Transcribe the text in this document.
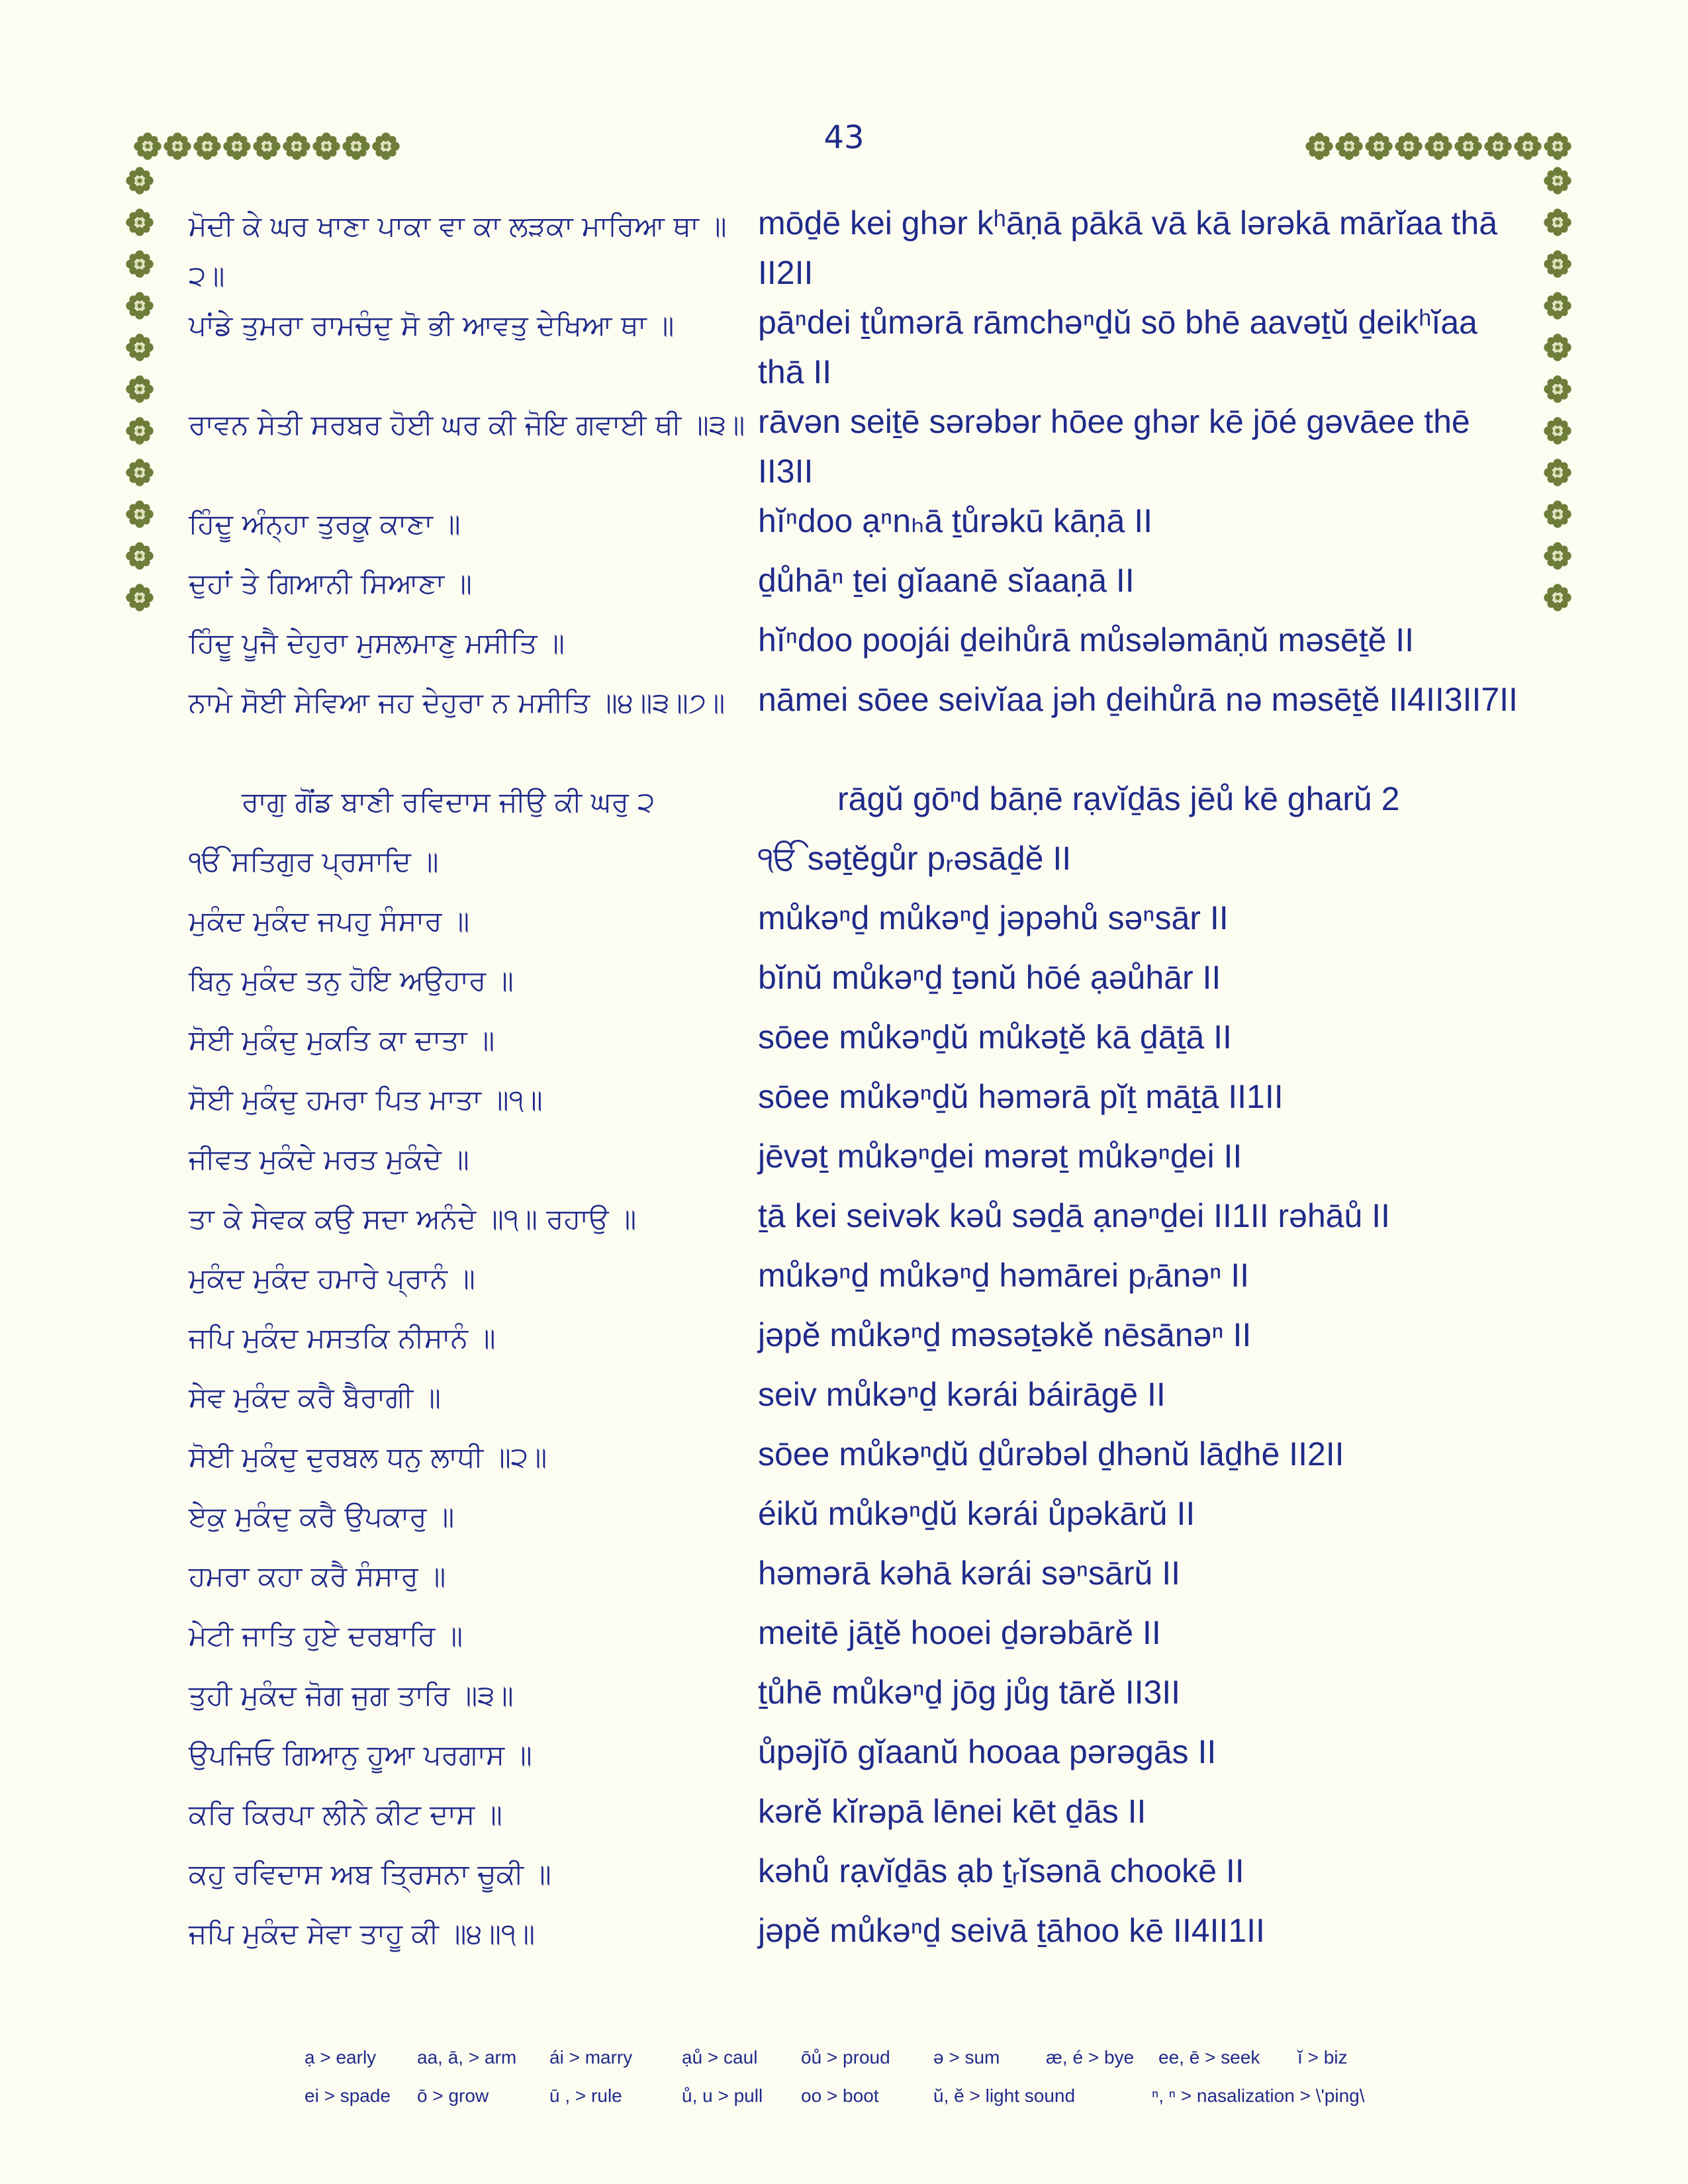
43
ਮੋਦੀ ਕੇ ਘਰ ਖਾਣਾ ਪਾਕਾ ਵਾ ਕਾ ਲੜਕਾ ਮਾਰਿਆ ਥਾ ॥੨॥
mōḏē kei ghər kʰāṇā pākā vā kā lərəkā mārĭaa thā II2II
ਪਾਂਡੇ ਤੁਮਰਾ ਰਾਮਚੰਦੁ ਸੋ ਭੀ ਆਵਤੁ ਦੇਖਿਆ ਥਾ ॥	pāⁿdei ṯůmərā rāmchəⁿḏŭ sō bhē aavəṯŭ ḏeikʰĭaa thā II
ਰਾਵਨ ਸੇਤੀ ਸਰਬਰ ਹੋਈ ਘਰ ਕੀ ਜੋਇ ਗਵਾਈ ਥੀ ॥੩॥ rāvən seiṯē sərəbər hōee ghər kē jōé gəvāee thē II3II
ਹਿੰਦੂ ਅੰਨ੍ਹਾ ਤੁਰਕੂ ਕਾਣਾ ॥	hĭⁿdoo ạⁿnₕā ṯůrəkū kāṇā II
ਦੁਹਾਂ ਤੇ ਗਿਆਨੀ ਸਿਆਣਾ ॥	ḏůhāⁿ ṯei gĭaanē sĭaaṇā II
ਹਿੰਦੂ ਪੂਜੈ ਦੇਹੁਰਾ ਮੁਸਲਮਾਣੁ ਮਸੀਤਿ ॥	hĭⁿdoo poojái ḏeihůrā můsələmāṇŭ məsēṯĕ II
ਨਾਮੇ ਸੋਈ ਸੇਵਿਆ ਜਹ ਦੇਹੁਰਾ ਨ ਮਸੀਤਿ ॥੪॥੩॥੭॥ nāmei sōee seivĭaa jəh ḏeihůrā nə məsēṯĕ II4II3II7II
ਰਾਗੁ ਗੋਂਡ ਬਾਣੀ ਰਵਿਦਾਸ ਜੀਉ ਕੀ ਘਰੁ ੨	rāgŭ gōⁿd bāṇē rạvĭḏās jēů kē gharŭ 2
ੴ ਸਤਿਗੁਰ ਪ੍ਰਸਾਦਿ ॥	ੴ səṯĕgůr pᵣəsāḏĕ II
ਮੁਕੰਦ ਮੁਕੰਦ ਜਪਹੁ ਸੰਸਾਰ ॥	můkəⁿḏ můkəⁿḏ jəpəhů səⁿsār II
ਬਿਨੁ ਮੁਕੰਦ ਤਨੁ ਹੋਇ ਅਉਹਾਰ ॥	bĭnŭ můkəⁿḏ ṯənŭ hōé ạəůhār II
ਸੋਈ ਮੁਕੰਦੁ ਮੁਕਤਿ ਕਾ ਦਾਤਾ ॥	sōee můkəⁿḏŭ můkəṯĕ kā ḏāṯā II
ਸੋਈ ਮੁਕੰਦੁ ਹਮਰਾ ਪਿਤ ਮਾਤਾ ॥੧॥	sōee můkəⁿḏŭ həmərā pĭṯ māṯā II1II
ਜੀਵਤ ਮੁਕੰਦੇ ਮਰਤ ਮੁਕੰਦੇ ॥	jēvəṯ můkəⁿḏei mərəṯ můkəⁿḏei II
ਤਾ ਕੇ ਸੇਵਕ ਕਉ ਸਦਾ ਅਨੰਦੇ ॥੧॥ ਰਹਾਉ ॥	ṯā kei seivək kəů səḏā ạnəⁿḏei II1II rəhāů II
ਮੁਕੰਦ ਮੁਕੰਦ ਹਮਾਰੇ ਪ੍ਰਾਨੰ ॥	můkəⁿḏ můkəⁿḏ həmārei pᵣānəⁿ II
ਜਪਿ ਮੁਕੰਦ ਮਸਤਕਿ ਨੀਸਾਨੰ ॥	jəpĕ můkəⁿḏ məsəṯəkĕ nēsānəⁿ II
ਸੇਵ ਮੁਕੰਦ ਕਰੈ ਬੈਰਾਗੀ ॥	seiv můkəⁿḏ kərái báirāgē II
ਸੋਈ ਮੁਕੰਦੁ ਦੁਰਬਲ ਧਨੁ ਲਾਧੀ ॥੨॥	sōee můkəⁿḏŭ ḏůrəbəl ḏhənŭ lāḏhē II2II
ਏਕੁ ਮੁਕੰਦੁ ਕਰੈ ਉਪਕਾਰੁ ॥	éikŭ můkəⁿḏŭ kərái ůpəkārŭ II
ਹਮਰਾ ਕਹਾ ਕਰੈ ਸੰਸਾਰੁ ॥	həmərā kəhā kərái səⁿsārŭ II
ਮੇਟੀ ਜਾਤਿ ਹੁਏ ਦਰਬਾਰਿ ॥	meitē jāṯĕ hooei ḏərəbārĕ II
ਤੁਹੀ ਮੁਕੰਦ ਜੋਗ ਜੁਗ ਤਾਰਿ ॥੩॥	ṯůhē můkəⁿḏ jōg jůg tārĕ II3II
ਉਪਜਿਓ ਗਿਆਨੁ ਹੂਆ ਪਰਗਾਸ ॥	ůpəjĭō gĭaanŭ hooaa pərəgās II
ਕਰਿ ਕਿਰਪਾ ਲੀਨੇ ਕੀਟ ਦਾਸ ॥	kərĕ kĭrəpā lēnei kēt ḏās II
ਕਹੁ ਰਵਿਦਾਸ ਅਬ ਤ੍ਰਿਸਨਾ ਚੂਕੀ ॥	kəhů rạvĭḏās ạb ṯᵣĭsənā chookē II
ਜਪਿ ਮੁਕੰਦ ਸੇਵਾ ਤਾਹੂ ਕੀ ॥੪॥੧॥	jəpĕ můkəⁿḏ seivā ṯāhoo kē II4II1II
ạ > early	aa, ā, > arm	ái > marry	ạů > caul	ōů > proud	ə > sum	æ, é > bye	ee, ē > seek	ĭ > biz
ei > spade	ō > grow	ū , > rule	ů, u > pull	oo > boot	ŭ, ĕ > light sound	ⁿ, ⁿ > nasalization > \'ping\
